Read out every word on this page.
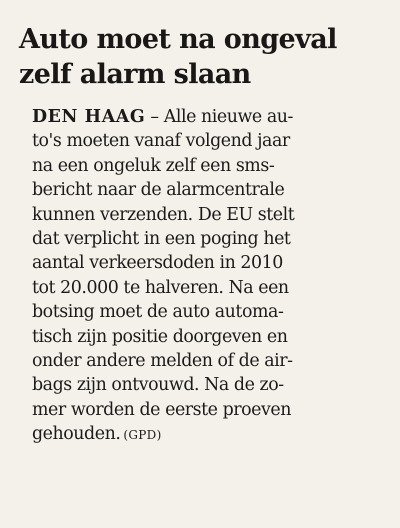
Auto moet na ongeval
zelf alarm slaan
DEN HAAG – Alle nieuwe au-
to's moeten vanaf volgend jaar
na een ongeluk zelf een sms-
bericht naar de alarmcentrale
kunnen verzenden. De EU stelt
dat verplicht in een poging het
aantal verkeersdoden in 2010
tot 20.000 te halveren. Na een
botsing moet de auto automa-
tisch zijn positie doorgeven en
onder andere melden of de air-
bags zijn ontvouwd. Na de zo-
mer worden de eerste proeven
gehouden. (GPD)
